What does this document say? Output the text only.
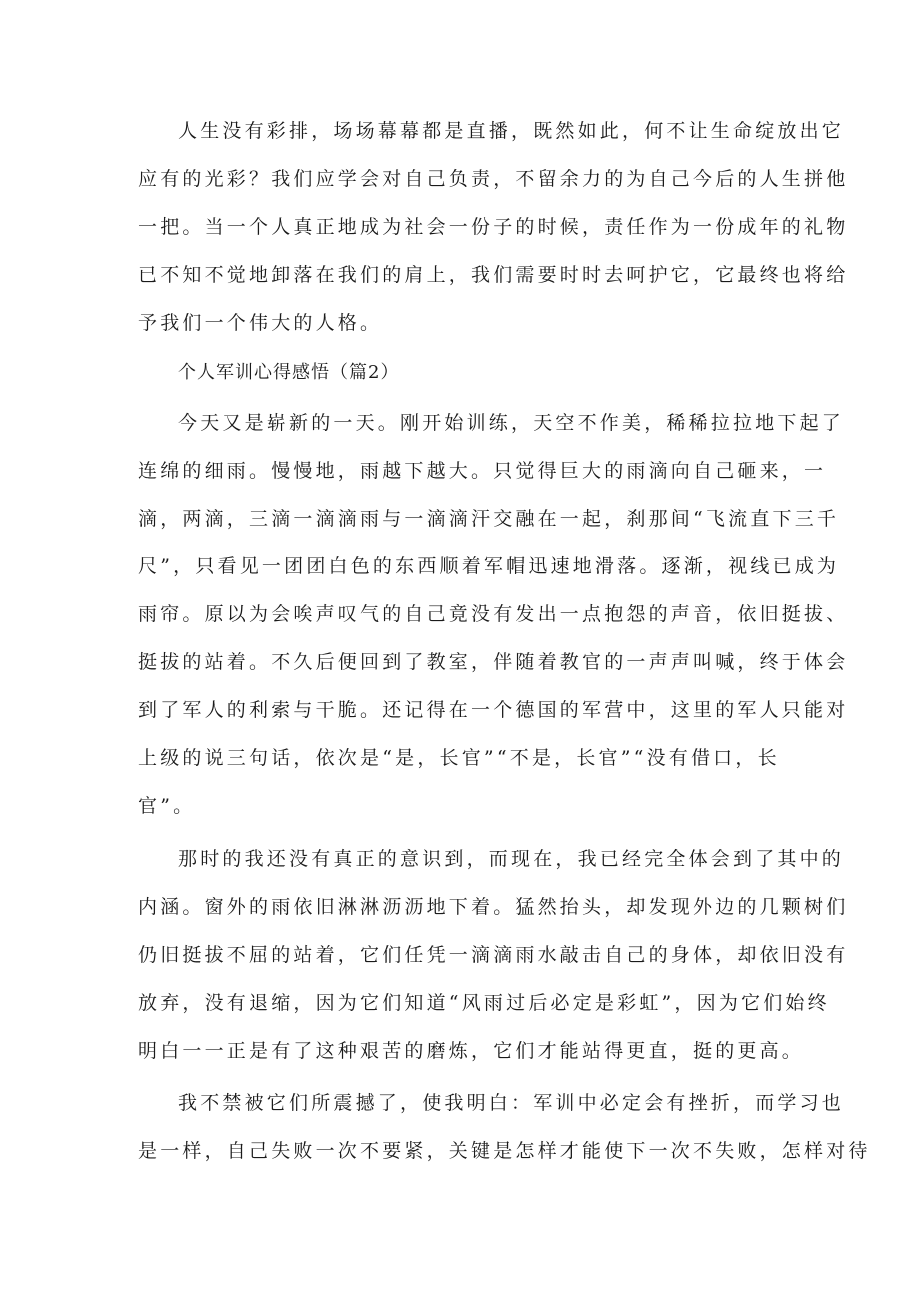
人生没有彩排，场场幕幕都是直播，既然如此，何不让生命绽放出它
应有的光彩？我们应学会对自己负责，不留余力的为自己今后的人生拼他
一把。当一个人真正地成为社会一份子的时候，责任作为一份成年的礼物
已不知不觉地卸落在我们的肩上，我们需要时时去呵护它，它最终也将给
予我们一个伟大的人格。
个人军训心得感悟（篇2）
今天又是崭新的一天。刚开始训练，天空不作美，稀稀拉拉地下起了
连绵的细雨。慢慢地，雨越下越大。只觉得巨大的雨滴向自己砸来，一
滴，两滴，三滴一滴滴雨与一滴滴汗交融在一起，刹那间“飞流直下三千
尺”，只看见一团团白色的东西顺着军帽迅速地滑落。逐渐，视线已成为
雨帘。原以为会唉声叹气的自己竟没有发出一点抱怨的声音，依旧挺拔、
挺拔的站着。不久后便回到了教室，伴随着教官的一声声叫喊，终于体会
到了军人的利索与干脆。还记得在一个德国的军营中，这里的军人只能对
上级的说三句话，依次是“是，长官”“不是，长官”“没有借口，长
官”。
那时的我还没有真正的意识到，而现在，我已经完全体会到了其中的
内涵。窗外的雨依旧淋淋沥沥地下着。猛然抬头，却发现外边的几颗树们
仍旧挺拔不屈的站着，它们任凭一滴滴雨水敲击自己的身体，却依旧没有
放弃，没有退缩，因为它们知道“风雨过后必定是彩虹”，因为它们始终
明白一一正是有了这种艰苦的磨炼，它们才能站得更直，挺的更高。
我不禁被它们所震撼了，使我明白：军训中必定会有挫折，而学习也
是一样，自己失败一次不要紧，关键是怎样才能使下一次不失败，怎样对待
